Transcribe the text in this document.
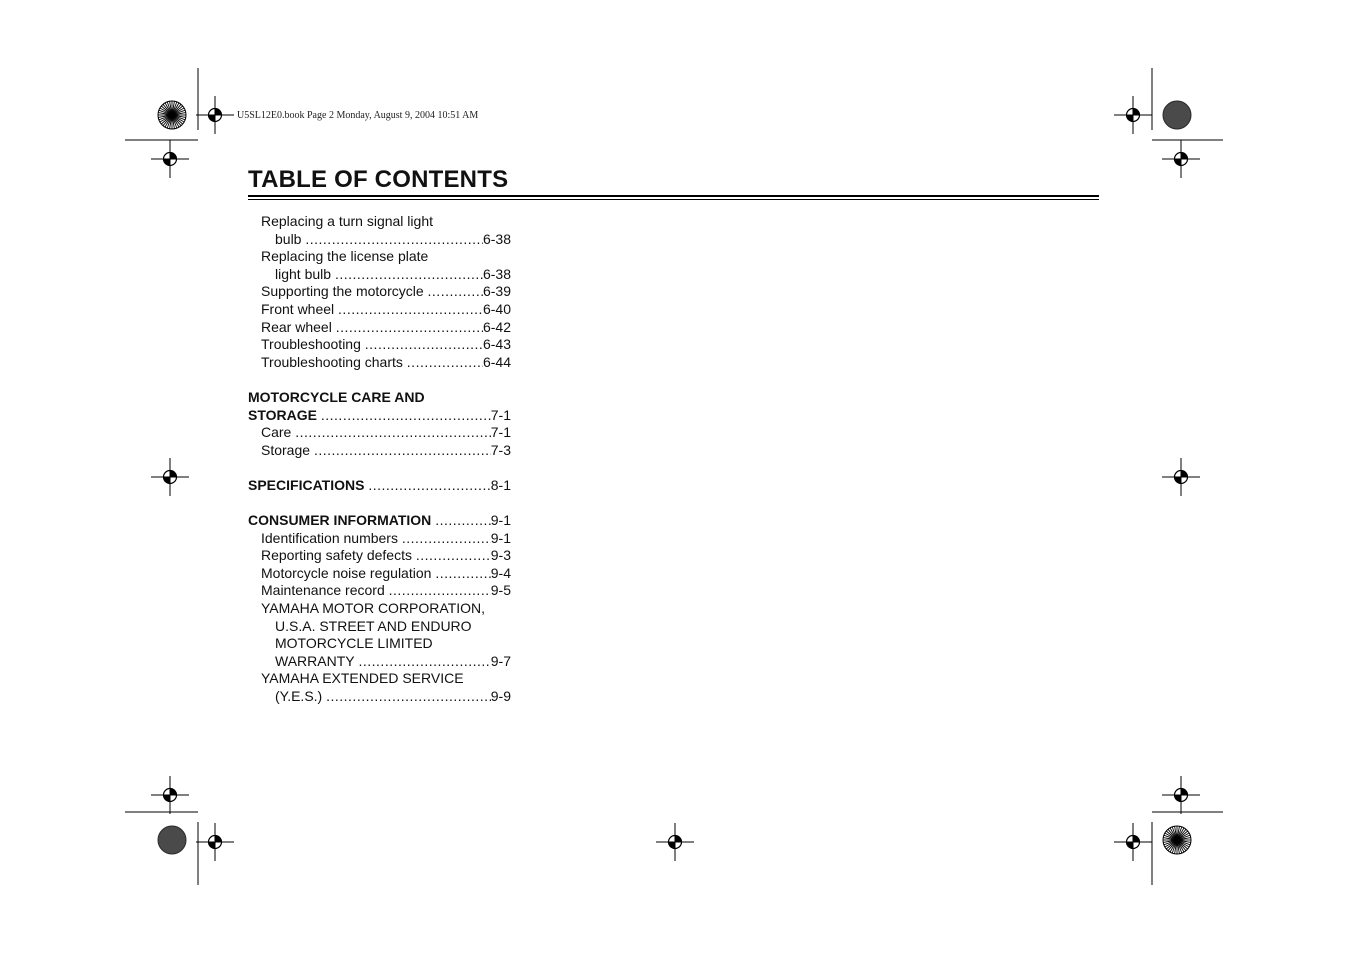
U5SL12E0.book Page 2 Monday, August 9, 2004 10:51 AM
TABLE OF CONTENTS
Replacing a turn signal light
bulb .....	6-38
Replacing the license plate
light bulb .....	6-38
Supporting the motorcycle .....	6-39
Front wheel .....	6-40
Rear wheel .....	6-42
Troubleshooting .....	6-43
Troubleshooting charts .....	6-44
MOTORCYCLE CARE AND
STORAGE .....	7-1
Care .....	7-1
Storage .....	7-3
SPECIFICATIONS .....	8-1
CONSUMER INFORMATION .....	9-1
Identification numbers .....	9-1
Reporting safety defects .....	9-3
Motorcycle noise regulation .....	9-4
Maintenance record .....	9-5
YAMAHA MOTOR CORPORATION,
U.S.A. STREET AND ENDURO
MOTORCYCLE LIMITED
WARRANTY .....	9-7
YAMAHA EXTENDED SERVICE
(Y.E.S.) .....	9-9
